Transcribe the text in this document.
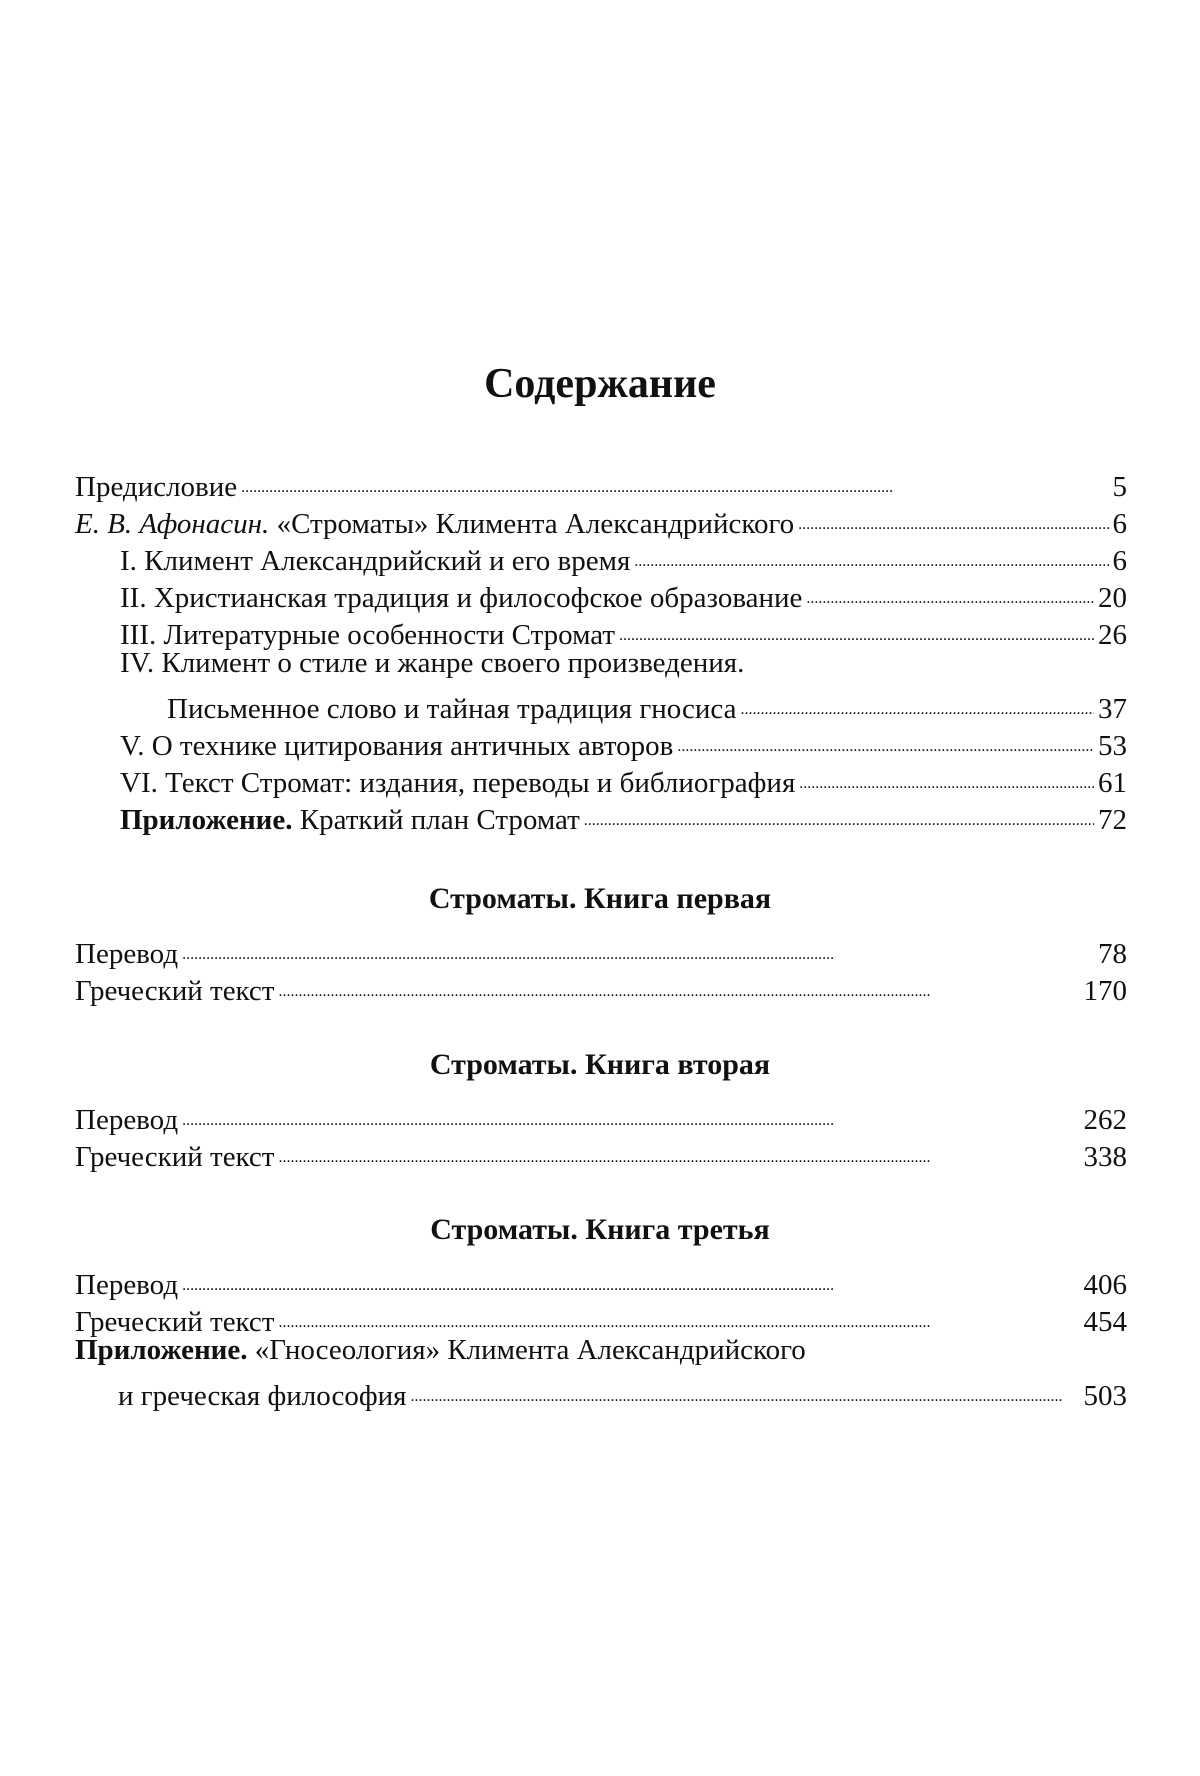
Содержание
Предисловие . . .	5
Е. В. Афонасин. «Строматы» Климента Александрийского . . .	6
I. Климент Александрийский и его время . . .	6
II. Христианская традиция и философское образование . . .	20
III. Литературные особенности Стромат . . .	26
IV. Климент о стиле и жанре своего произведения.
Письменное слово и тайная традиция гносиса . . .	37
V. О технике цитирования античных авторов . . .	53
VI. Текст Стромат: издания, переводы и библиография . . .	61
Приложение. Краткий план Стромат . . .	72
Строматы. Книга первая
Перевод . . .	78
Греческий текст . . .	170
Строматы. Книга вторая
Перевод . . .	262
Греческий текст . . .	338
Строматы. Книга третья
Перевод . . .	406
Греческий текст . . .	454
Приложение. «Гносеология» Климента Александрийского
и греческая философия . . .	503
